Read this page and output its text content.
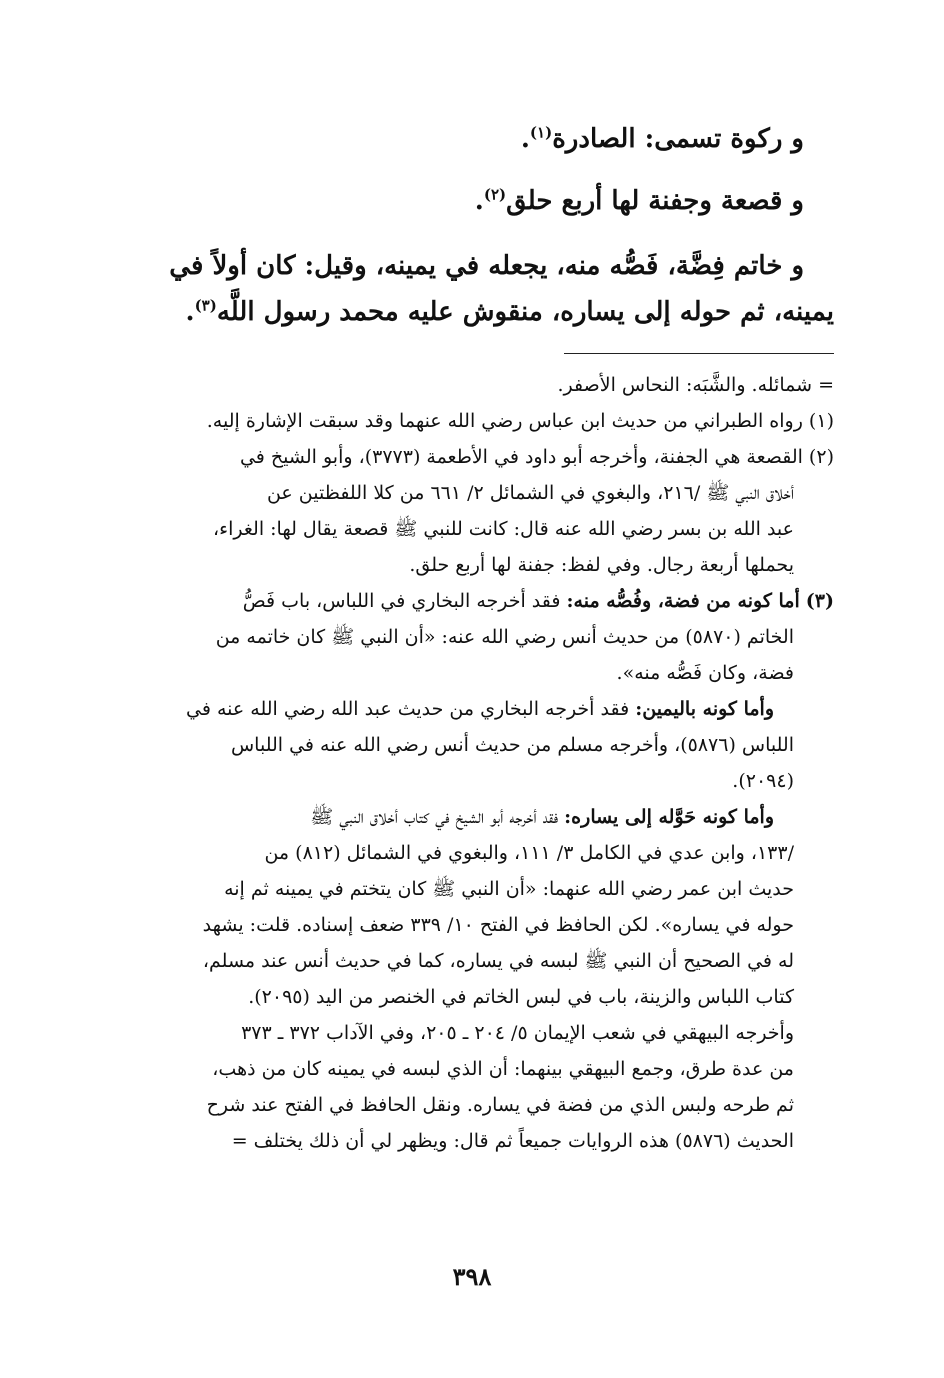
و ركوة تسمى: الصادرة$^{(١)}$.
و قصعة وجفنة لها أربع حلق$^{(٢)}$.
و خاتم فِضَّة، فَصُّه منه، يجعله في يمينه، وقيل: كان أولاً في
يمينه، ثم حوله إلى يساره، منقوش عليه محمد رسول اللَّه$^{(٣)}$.
= شمائله. والشَّبَه: النحاس الأصفر.
(١) رواه الطبراني من حديث ابن عباس رضي الله عنهما وقد سبقت الإشارة إليه.
(٢) القصعة هي الجفنة، وأخرجه أبو داود في الأطعمة (٣٧٧٣)، وأبو الشيخ في
أخلاق النبي ﷺ /٢١٦، والبغوي في الشمائل ٢/ ٦٦١ من كلا اللفظتين عن
عبد الله بن بسر رضي الله عنه قال: كانت للنبي ﷺ قصعة يقال لها: الغراء،
يحملها أربعة رجال. وفي لفظ: جفنة لها أربع حلق.
(٣) أما كونه من فضة، وفُصُّه منه: فقد أخرجه البخاري في اللباس، باب فَصُّ
الخاتم (٥٨٧٠) من حديث أنس رضي الله عنه: «أن النبي ﷺ كان خاتمه من
فضة، وكان فَصُّه منه».
وأما كونه باليمين: فقد أخرجه البخاري من حديث عبد الله رضي الله عنه في
اللباس (٥٨٧٦)، وأخرجه مسلم من حديث أنس رضي الله عنه في اللباس
(٢٠٩٤).
وأما كونه حَوَّله إلى يساره: فقد أخرجه أبو الشيخ في كتاب أخلاق النبي ﷺ
/١٣٣، وابن عدي في الكامل ٣/ ١١١، والبغوي في الشمائل (٨١٢) من
حديث ابن عمر رضي الله عنهما: «أن النبي ﷺ كان يتختم في يمينه ثم إنه
حوله في يساره». لكن الحافظ في الفتح ١٠/ ٣٣٩ ضعف إسناده. قلت: يشهد
له في الصحيح أن النبي ﷺ لبسه في يساره، كما في حديث أنس عند مسلم،
كتاب اللباس والزينة، باب في لبس الخاتم في الخنصر من اليد (٢٠٩٥).
وأخرجه البيهقي في شعب الإيمان ٥/ ٢٠٤ ـ ٢٠٥، وفي الآداب ٣٧٢ ـ ٣٧٣
من عدة طرق، وجمع البيهقي بينهما: أن الذي لبسه في يمينه كان من ذهب،
ثم طرحه ولبس الذي من فضة في يساره. ونقل الحافظ في الفتح عند شرح
الحديث (٥٨٧٦) هذه الروايات جميعاً ثم قال: ويظهر لي أن ذلك يختلف =
٣٩٨
